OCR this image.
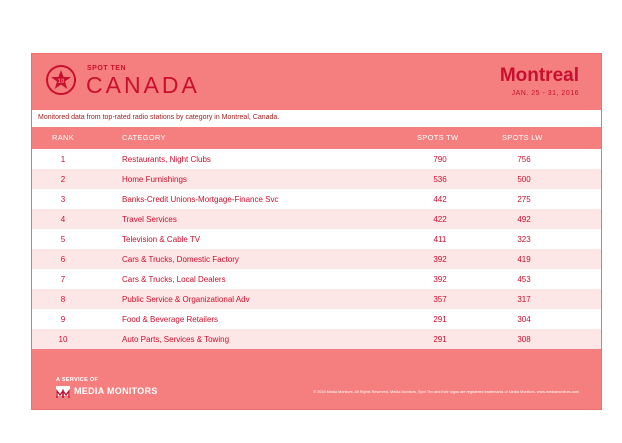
10
SPOT TEN
CANADA	Montreal
JAN. 25 - 31, 2016
Monitored data from top-rated radio stations by category in Montreal, Canada.
RANK	CATEGORY	SPOTS TW	SPOTS LW
1	Restaurants, Night Clubs	790	756
2	Home Furnishings	536	500
3	Banks-Credit Unions-Mortgage-Finance Svc	442	275
4	Travel Services	422	492
5	Television & Cable TV	411	323
6	Cars & Trucks, Domestic Factory	392	419
7	Cars & Trucks, Local Dealers	392	453
8	Public Service & Organizational Adv	357	317
9	Food & Beverage Retailers	291	304
10	Auto Parts, Services & Towing	291	308
A SERVICE OF
MEDIA MONITORS	© 2016 Media Monitors. All Rights Reserved. Media Monitors, Spot Ten and their logos are registered trademarks of Media Monitors. www.mediamonitors.com
